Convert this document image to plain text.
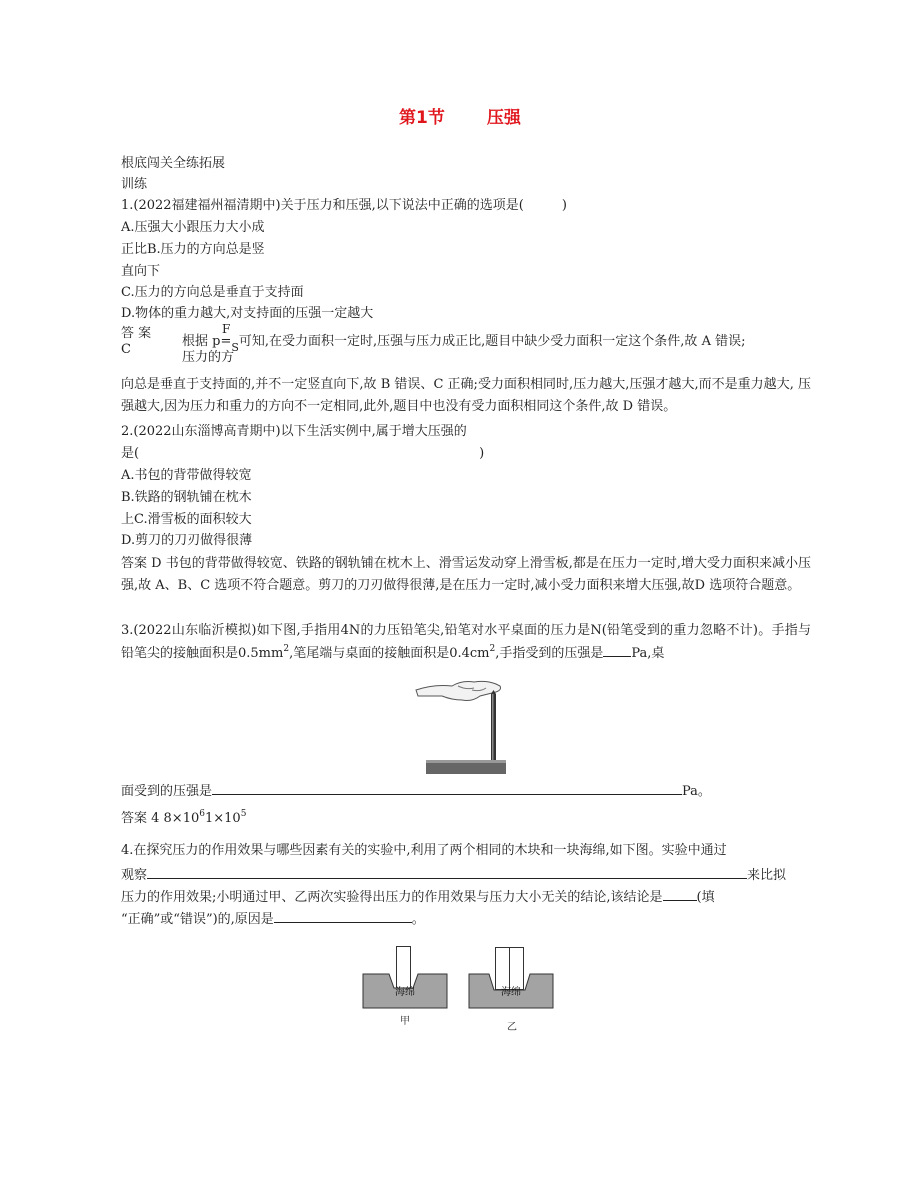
第1节 压强
根底闯关全练拓展
训练
1.(2022福建福州福清期中)关于压力和压强,以下说法中正确的选项是(	)
A.压强大小跟压力大小成
正比B.压力的方向总是竖
直向下
C.压力的方向总是垂直于支持面
D.物体的重力越大,对支持面的压强一定越大
答 案
C
F
根据 $p=_S$可知,在受力面积一定时,压强与压力成正比,题目中缺少受力面积一定这个条件,故 A 错误;
压力的方
向总是垂直于支持面的,并不一定竖直向下,故 B 错误、C 正确;受力面积相同时,压力越大,压强才越大,而不是重力越大, 压强越大,因为压力和重力的方向不一定相同,此外,题目中也没有受力面积相同这个条件,故 D 错误。
2.(2022山东淄博高青期中)以下生活实例中,属于增大压强的
是(	)
A.书包的背带做得较宽
B.铁路的钢轨铺在枕木
上C.滑雪板的面积较大
D.剪刀的刀刃做得很薄
答案 D 书包的背带做得较宽、铁路的钢轨铺在枕木上、滑雪运发动穿上滑雪板,都是在压力一定时,增大受力面积来减小压强,故 A、B、C 选项不符合题意。剪刀的刀刃做得很薄,是在压力一定时,减小受力面积来增大压强,故D 选项符合题意。
3.(2022山东临沂模拟)如下图,手指用4N的力压铅笔尖,铅笔对水平桌面的压力是N(铅笔受到的重力忽略不计)。手指与铅笔尖的接触面积是$0.5mm^2$,笔尾端与桌面的接触面积是$0.4cm^2$,手指受到的压强是 Pa,桌
面受到的压强是	Pa。
答案 4 $8\times 10^61\times 10^5$
4.在探究压力的作用效果与哪些因素有关的实验中,利用了两个相同的木块和一块海绵,如下图。实验中通过
观察	来比拟
压力的作用效果;小明通过甲、乙两次实验得出压力的作用效果与压力大小无关的结论,该结论是	(填
“正确”或“错误”)的,原因是	。
海绵
甲
海绵
乙
